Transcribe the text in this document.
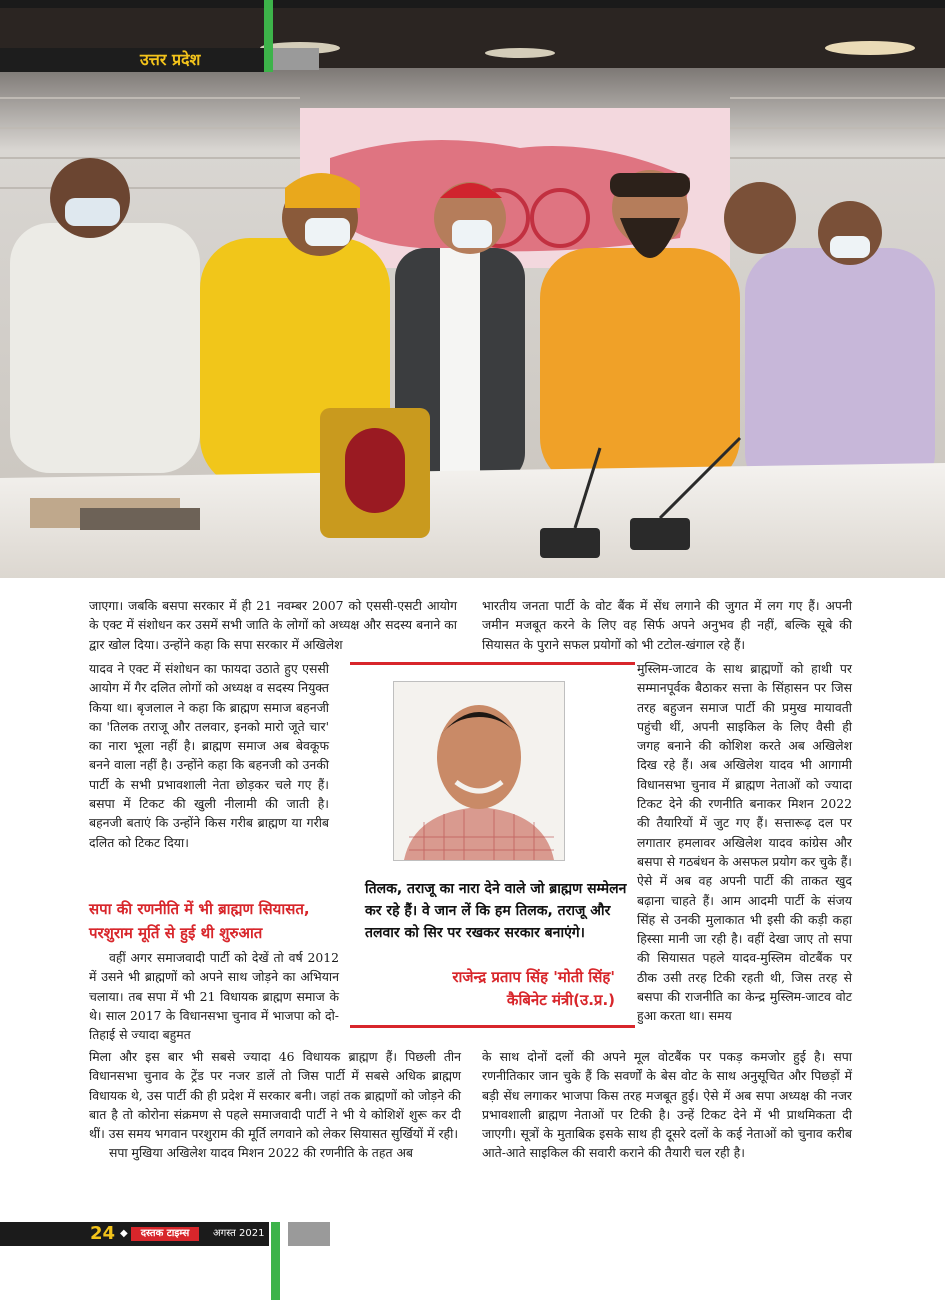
उत्तर प्रदेश

जाएगा। जबकि बसपा सरकार में ही 21 नवम्बर 2007 को एससी-एसटी आयोग के एक्ट में संशोधन कर उसमें सभी जाति के लोगों को अध्यक्ष और सदस्य बनाने का द्वार खोल दिया। उन्होंने कहा कि सपा सरकार में अखिलेश

यादव ने एक्ट में संशोधन का फायदा उठाते हुए एससी आयोग में गैर दलित लोगों को अध्यक्ष व सदस्य नियुक्त किया था। बृजलाल ने कहा कि ब्राह्मण समाज बहनजी का 'तिलक तराजू और तलवार, इनको मारो जूते चार' का नारा भूला नहीं है। ब्राह्मण समाज अब बेवकूफ बनने वाला नहीं है। उन्होंने कहा कि बहनजी को उनकी पार्टी के सभी प्रभावशाली नेता छोड़कर चले गए हैं। बसपा में टिकट की खुली नीलामी की जाती है। बहनजी बताएं कि उन्होंने किस गरीब ब्राह्मण या गरीब दलित को टिकट दिया।

सपा की रणनीति में भी ब्राह्मण सियासत, परशुराम मूर्ति से हुई थी शुरुआत

वहीं अगर समाजवादी पार्टी को देखें तो वर्ष 2012 में उसने भी ब्राह्मणों को अपने साथ जोड़ने का अभियान चलाया। तब सपा में भी 21 विधायक ब्राह्मण समाज के थे। साल 2017 के विधानसभा चुनाव में भाजपा को दो-तिहाई से ज्यादा बहुमत

मिला और इस बार भी सबसे ज्यादा 46 विधायक ब्राह्मण हैं। पिछली तीन विधानसभा चुनाव के ट्रेंड पर नजर डालें तो जिस पार्टी में सबसे अधिक ब्राह्मण विधायक थे, उस पार्टी की ही प्रदेश में सरकार बनी। जहां तक ब्राह्मणों को जोड़ने की बात है तो कोरोना संक्रमण से पहले समाजवादी पार्टी ने भी ये कोशिशें शुरू कर दी थीं। उस समय भगवान परशुराम की मूर्ति लगवाने को लेकर सियासत सुर्खियों में रही।

सपा मुखिया अखिलेश यादव मिशन 2022 की रणनीति के तहत अब

भारतीय जनता पार्टी के वोट बैंक में सेंध लगाने की जुगत में लग गए हैं। अपनी जमीन मजबूत करने के लिए वह सिर्फ अपने अनुभव ही नहीं, बल्कि सूबे की सियासत के पुराने सफल प्रयोगों को भी टटोल-खंगाल रहे हैं।

मुस्लिम-जाटव के साथ ब्राह्मणों को हाथी पर सम्मानपूर्वक बैठाकर सत्ता के सिंहासन पर जिस तरह बहुजन समाज पार्टी की प्रमुख मायावती पहुंची थीं, अपनी साइकिल के लिए वैसी ही जगह बनाने की कोशिश करते अब अखिलेश दिख रहे हैं। अब अखिलेश यादव भी आगामी विधानसभा चुनाव में ब्राह्मण नेताओं को ज्यादा टिकट देने की रणनीति बनाकर मिशन 2022 की तैयारियों में जुट गए हैं। सत्तारूढ़ दल पर लगातार हमलावर अखिलेश यादव कांग्रेस और बसपा से गठबंधन के असफल प्रयोग कर चुके हैं। ऐसे में अब वह अपनी पार्टी की ताकत खुद बढ़ाना चाहते हैं। आम आदमी पार्टी के संजय सिंह से उनकी मुलाकात भी इसी की कड़ी कहा हिस्सा मानी जा रही है। वहीं देखा जाए तो सपा की सियासत पहले यादव-मुस्लिम वोटबैंक पर ठीक उसी तरह टिकी रहती थी, जिस तरह से बसपा की राजनीति का केन्द्र मुस्लिम-जाटव वोट हुआ करता था। समय

के साथ दोनों दलों की अपने मूल वोटबैंक पर पकड़ कमजोर हुई है। सपा रणनीतिकार जान चुके हैं कि सवर्णों के बेस वोट के साथ अनुसूचित और पिछड़ों में बड़ी सेंध लगाकर भाजपा किस तरह मजबूत हुई। ऐसे में अब सपा अध्यक्ष की नजर प्रभावशाली ब्राह्मण नेताओं पर टिकी है। उन्हें टिकट देने में भी प्राथमिकता दी जाएगी। सूत्रों के मुताबिक इसके साथ ही दूसरे दलों के कई नेताओं को चुनाव करीब आते-आते साइकिल की सवारी कराने की तैयारी चल रही है।

तिलक, तराजू का नारा देने वाले जो ब्राह्मण सम्मेलन कर रहे हैं। वे जान लें कि हम तिलक, तराजू और तलवार को सिर पर रखकर सरकार बनाएंगे।
राजेन्द्र प्रताप सिंह 'मोती सिंह'
कैबिनेट मंत्री(उ.प्र.)
24 ◆	दस्तक टाइम्स	अगस्त 2021
